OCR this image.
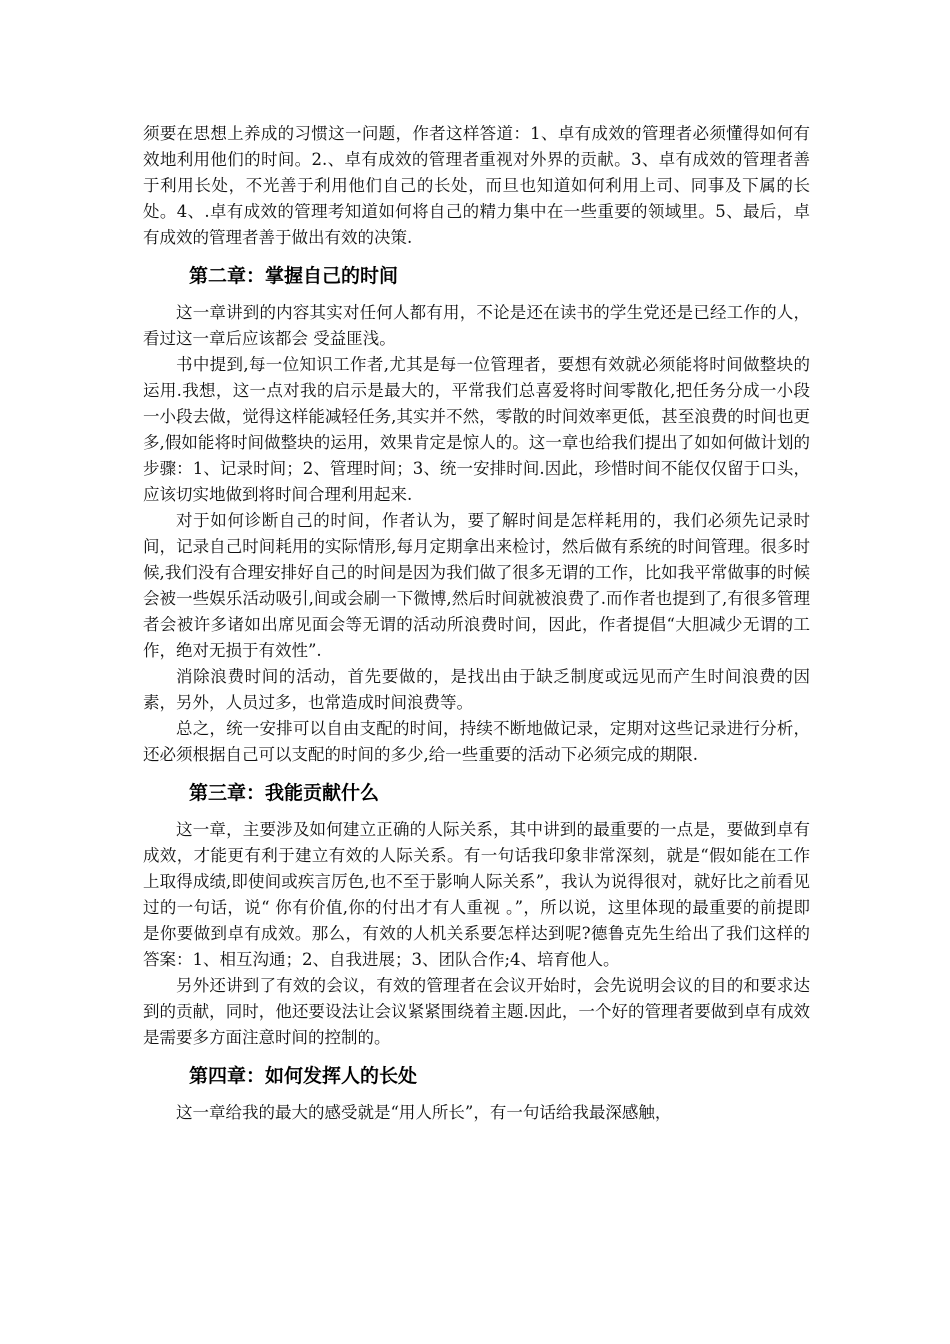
须要在思想上养成的习惯这一问题，作者这样答道：1、卓有成效的管理者必须懂得如何有效地利用他们的时间。2.、卓有成效的管理者重视对外界的贡献。3、卓有成效的管理者善于利用长处，不光善于利用他们自己的长处，而旦也知道如何利用上司、同事及下属的长处。4、.卓有成效的管理考知道如何将自己的精力集中在一些重要的领域里。5、最后，卓有成效的管理者善于做出有效的决策.

第二章：掌握自己的时间

这一章讲到的内容其实对任何人都有用，不论是还在读书的学生党还是已经工作的人，看过这一章后应该都会 受益匪浅。

书中提到,每一位知识工作者,尤其是每一位管理者，要想有效就必须能将时间做整块的运用.我想，这一点对我的启示是最大的，平常我们总喜爱将时间零散化,把任务分成一小段一小段去做，觉得这样能减轻任务,其实并不然，零散的时间效率更低，甚至浪费的时间也更多,假如能将时间做整块的运用，效果肯定是惊人的。这一章也给我们提出了如如何做计划的步骤：1、记录时间；2、管理时间；3、统一安排时间.因此，珍惜时间不能仅仅留于口头，应该切实地做到将时间合理利用起来.

对于如何诊断自己的时间，作者认为，要了解时间是怎样耗用的，我们必须先记录时间，记录自己时间耗用的实际情形,每月定期拿出来检讨，然后做有系统的时间管理。很多时候,我们没有合理安排好自己的时间是因为我们做了很多无谓的工作，比如我平常做事的时候会被一些娱乐活动吸引,间或会刷一下微博,然后时间就被浪费了.而作者也提到了,有很多管理者会被许多诸如出席见面会等无谓的活动所浪费时间，因此，作者提倡“大胆减少无谓的工作，绝对无损于有效性”.

消除浪费时间的活动，首先要做的，是找出由于缺乏制度或远见而产生时间浪费的因素，另外，人员过多，也常造成时间浪费等。

总之，统一安排可以自由支配的时间，持续不断地做记录，定期对这些记录进行分析，还必须根据自己可以支配的时间的多少,给一些重要的活动下必须完成的期限.

第三章：我能贡献什么

这一章，主要涉及如何建立正确的人际关系，其中讲到的最重要的一点是，要做到卓有成效，才能更有利于建立有效的人际关系。有一句话我印象非常深刻，就是“假如能在工作上取得成绩,即使间或疾言厉色,也不至于影响人际关系”，我认为说得很对，就好比之前看见过的一句话，说“ 你有价值,你的付出才有人重视 。”，所以说，这里体现的最重要的前提即是你要做到卓有成效。那么，有效的人机关系要怎样达到呢?德鲁克先生给出了我们这样的答案：1、相互沟通；2、自我进展；3、团队合作;4、培育他人。

另外还讲到了有效的会议，有效的管理者在会议开始时，会先说明会议的目的和要求达到的贡献，同时，他还要设法让会议紧紧围绕着主题.因此，一个好的管理者要做到卓有成效是需要多方面注意时间的控制的。

第四章：如何发挥人的长处

这一章给我的最大的感受就是“用人所长”，有一句话给我最深感触，
